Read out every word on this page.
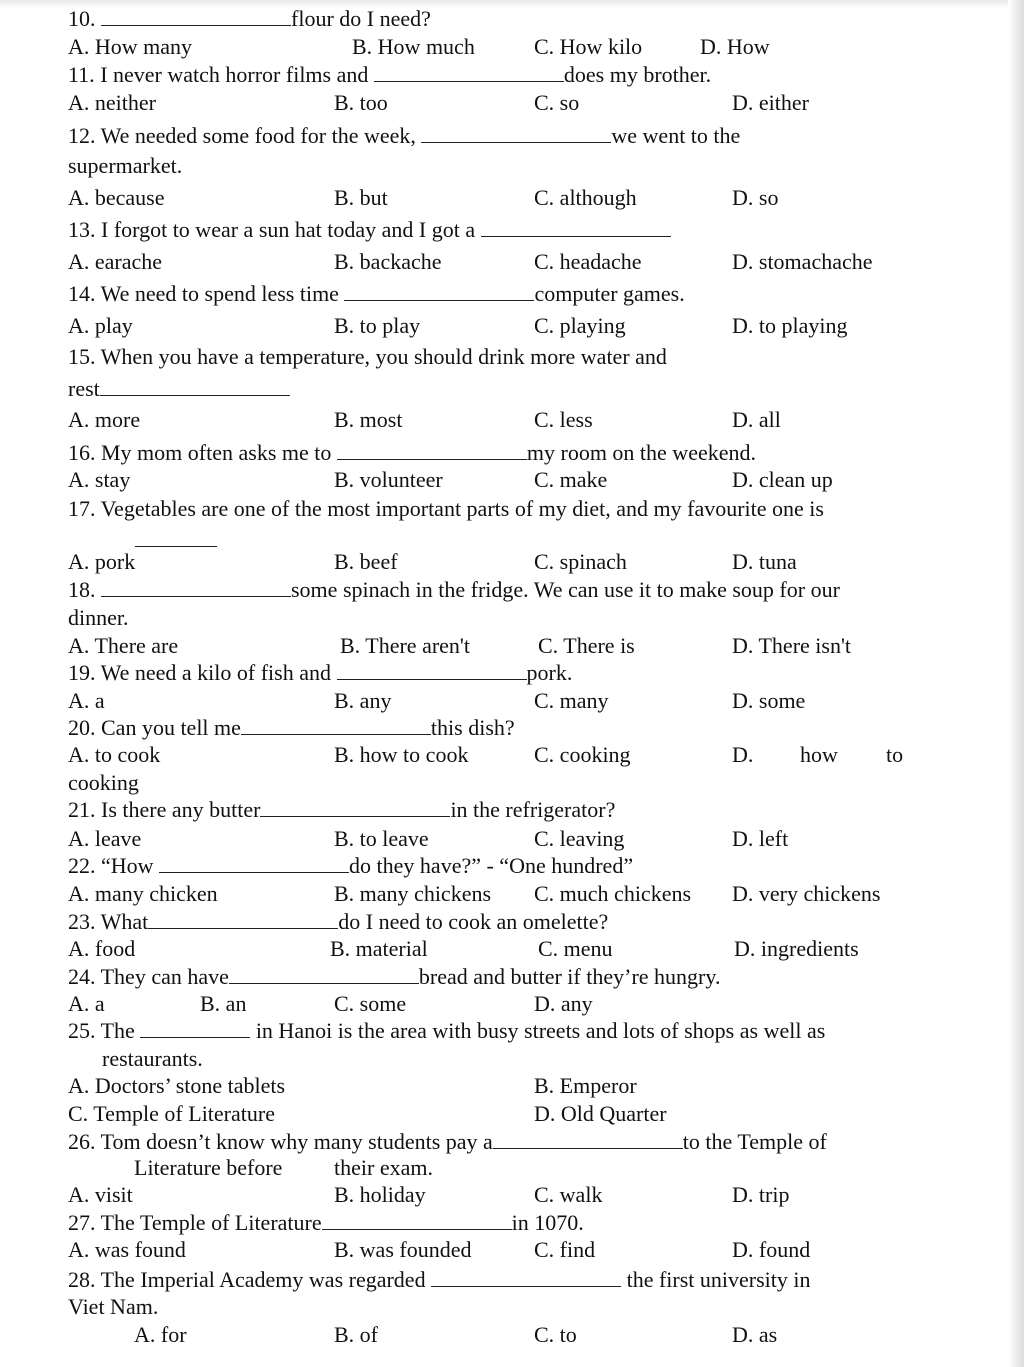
10.	flour do I need?
A. How many	B. How much	C. How kilo	D. How
11. I never watch horror films and	does my brother.
A. neither	B. too	C. so	D. either
12. We needed some food for the week,	we went to the
supermarket.
A. because	B. but	C. although	D. so
13. I forgot to wear a sun hat today and I got a
A. earache	B. backache	C. headache	D. stomachache
14. We need to spend less time	computer games.
A. play	B. to play	C. playing	D. to playing
15. When you have a temperature, you should drink more water and
rest
A. more	B. most	C. less	D. all
16. My mom often asks me to	my room on the weekend.
A. stay	B. volunteer	C. make	D. clean up
17. Vegetables are one of the most important parts of my diet, and my favourite one is
A. pork	B. beef	C. spinach	D. tuna
18.	some spinach in the fridge. We can use it to make soup for our
dinner.
A. There are	B. There aren't	C. There is	D. There isn't
19. We need a kilo of fish and	pork.
A. a	B. any	C. many	D. some
20. Can you tell me	this dish?
A. to cook	B. how to cook	C. cooking	D. how to
cooking
21. Is there any butter	in the refrigerator?
A. leave	B. to leave	C. leaving	D. left
22. “How	do they have?” - “One hundred”
A. many chicken	B. many chickens C. much chickens D. very chickens
23. What	do I need to cook an omelette?
A. food	B. material	C. menu	D. ingredients
24. They can have	bread and butter if they’re hungry.
A. a	B. an	C. some	D. any
25. The	in Hanoi is the area with busy streets and lots of shops as well as
restaurants.
A. Doctors’ stone tablets	B. Emperor
C. Temple of Literature	D. Old Quarter
26. Tom doesn’t know why many students pay a	to the Temple of
Literature before their exam.
A. visit	B. holiday	C. walk	D. trip
27. The Temple of Literature	in 1070.
A. was found	B. was founded	C. find	D. found
28. The Imperial Academy was regarded	the first university in
Viet Nam.
A. for	B. of	C. to	D. as
